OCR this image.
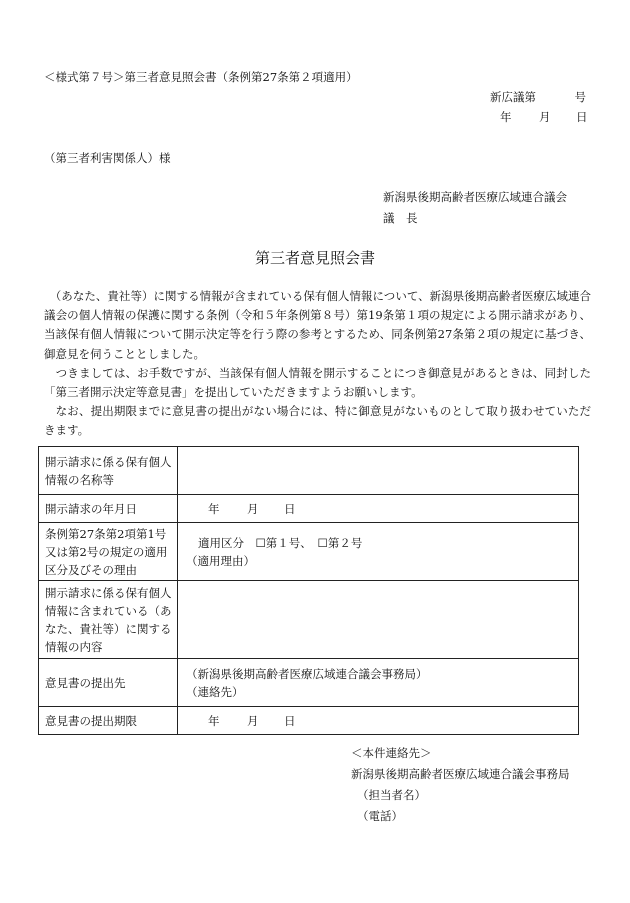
＜様式第７号＞第三者意見照会書（条例第27条第２項適用）
新広議第	号
年 月 日
（第三者利害関係人）様
新潟県後期高齢者医療広域連合議会
議　長
第三者意見照会書

　（あなた、貴社等）に関する情報が含まれている保有個人情報について、新潟県後期高齢者医療広域連合議会の個人情報の保護に関する条例（令和５年条例第８号）第19条第１項の規定による開示請求があり、当該保有個人情報について開示決定等を行う際の参考とするため、同条例第27条第２項の規定に基づき、御意見を伺うこととしました。

　つきましては、お手数ですが、当該保有個人情報を開示することにつき御意見があるときは、同封した「第三者開示決定等意見書」を提出していただきますようお願いします。

　なお、提出期限までに意見書の提出がない場合には、特に御意見がないものとして取り扱わせていただきます。

開示請求に係る保有個人情報の名称等	
開示請求の年月日	年 月 日

条例第27条第2項第1号又は第2号の規定の適用区分及びその理由	適用区分　☐第１号、　☐第２号
（適用理由）

開示請求に係る保有個人情報に含まれている（あなた、貴社等）に関する情報の内容	
意見書の提出先	（新潟県後期高齢者医療広域連合議会事務局）
（連絡先）

意見書の提出期限	年 月 日
＜本件連絡先＞
新潟県後期高齢者医療広域連合議会事務局
（担当者名）
（電話）
